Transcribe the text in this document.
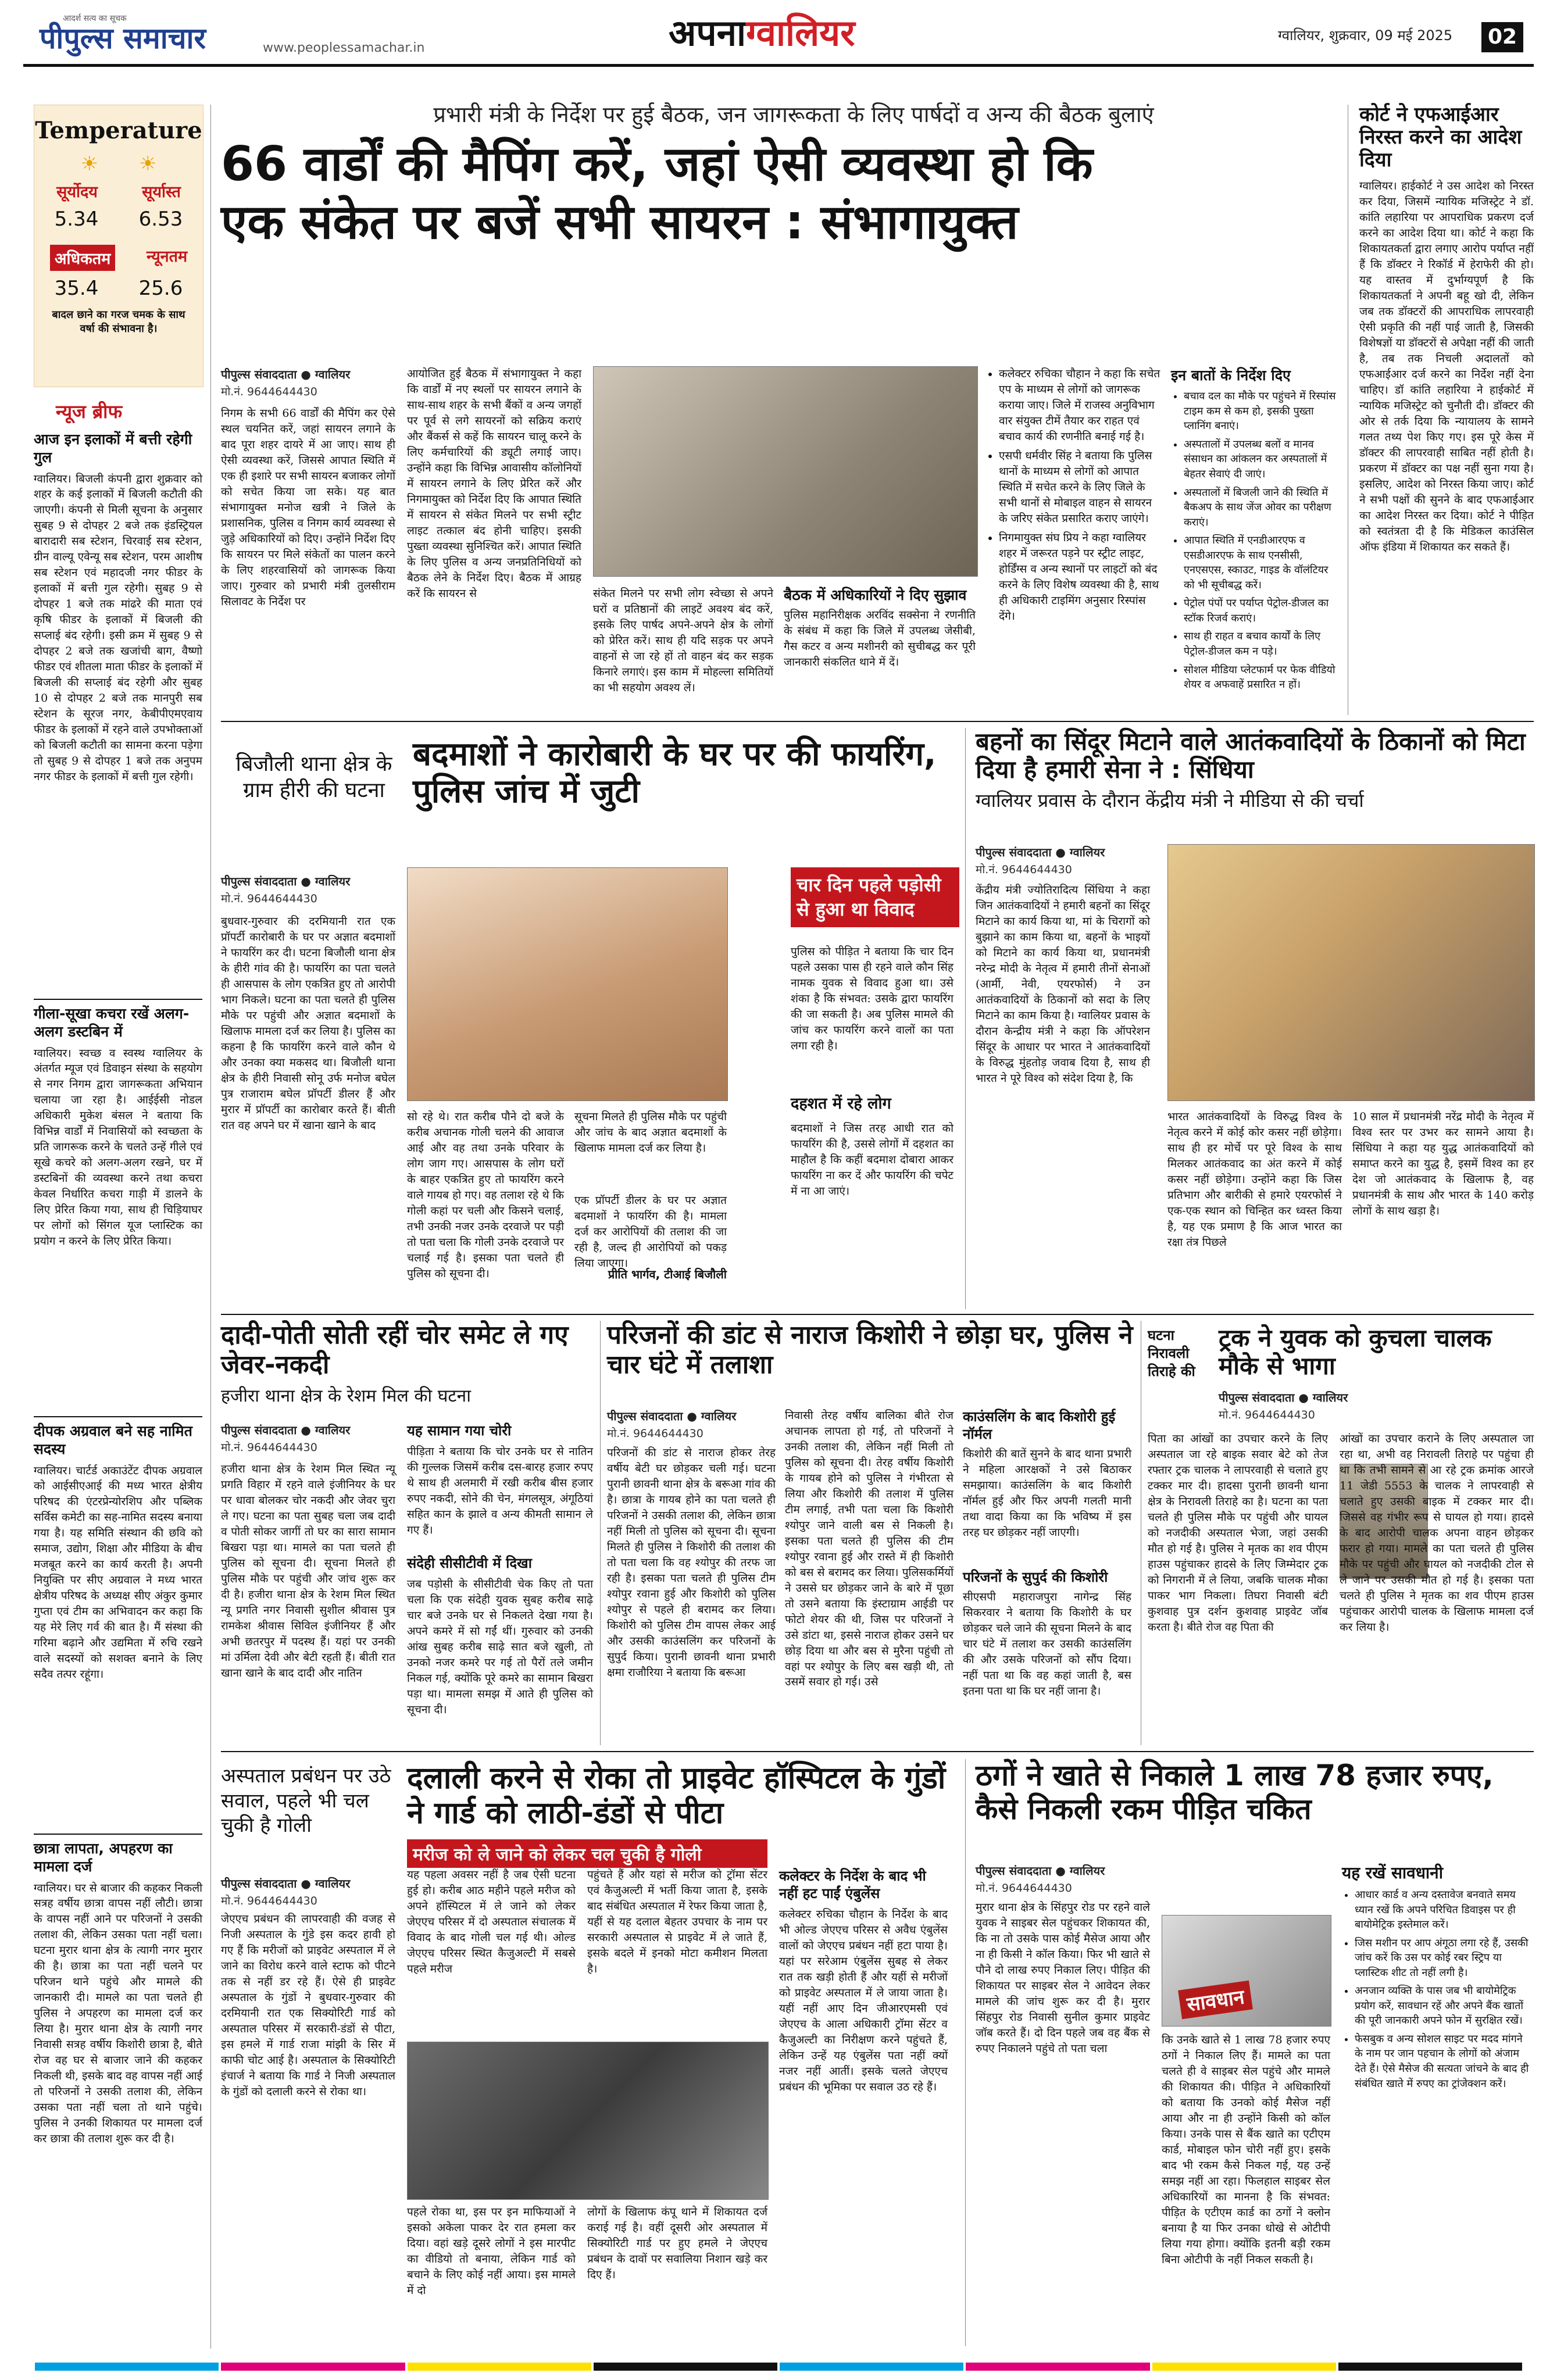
आदर्श सत्य का सूचक
पीपुल्स समाचार	www.peoplessamachar.in	अपनाग्वालियर	ग्वालियर, शुक्रवार, 09 मई 2025	02
Temperature
☀ ☀
सूर्योदय	सूर्यास्त
5.34 6.53
अधिकतम न्यूनतम
35.4 25.6
बादल छाने का गरज चमक के साथ वर्षा की संभावना है।
न्यूज ब्रीफ
आज इन इलाकों में बत्ती रहेगी गुल
ग्वालियर। बिजली कंपनी द्वारा शुक्रवार को शहर के कई इलाकों में बिजली कटौती की जाएगी। कंपनी से मिली सूचना के अनुसार सुबह 9 से दोपहर 2 बजे तक इंडस्ट्रियल बारादारी सब स्टेशन, चिरवाई सब स्टेशन, ग्रीन वाल्यू एवेन्यू सब स्टेशन, परम आशीष सब स्टेशन एवं महादजी नगर फीडर के इलाकों में बत्ती गुल रहेगी। सुबह 9 से दोपहर 1 बजे तक मांढरे की माता एवं कृषि फीडर के इलाकों में बिजली की सप्लाई बंद रहेगी। इसी क्रम में सुबह 9 से दोपहर 2 बजे तक खजांची बाग, वैष्णो फीडर एवं शीतला माता फीडर के इलाकों में बिजली की सप्लाई बंद रहेगी और सुबह 10 से दोपहर 2 बजे तक मानपुरी सब स्टेशन के सूरज नगर, केबीपीएमएवाय फीडर के इलाकों में रहने वाले उपभोक्ताओं को बिजली कटौती का सामना करना पड़ेगा तो सुबह 9 से दोपहर 1 बजे तक अनुपम नगर फीडर के इलाकों में बत्ती गुल रहेगी।
गीला-सूखा कचरा रखें अलग-अलग डस्टबिन में
ग्वालियर। स्वच्छ व स्वस्थ ग्वालियर के अंतर्गत म्यूज एवं डिवाइन संस्था के सहयोग से नगर निगम द्वारा जागरूकता अभियान चलाया जा रहा है। आईईसी नोडल अधिकारी मुकेश बंसल ने बताया कि विभिन्न वार्डों में निवासियों को स्वच्छता के प्रति जागरूक करने के चलते उन्हें गीले एवं सूखे कचरे को अलग-अलग रखने, घर में डस्टबिनों की व्यवस्था करने तथा कचरा केवल निर्धारित कचरा गाड़ी में डालने के लिए प्रेरित किया गया, साथ ही चिड़ियाघर पर लोगों को सिंगल यूज प्लास्टिक का प्रयोग न करने के लिए प्रेरित किया।
दीपक अग्रवाल बने सह नामित सदस्य
ग्वालियर। चार्टर्ड अकाउंटेंट दीपक अग्रवाल को आईसीएआई की मध्य भारत क्षेत्रीय परिषद की एंटरप्रेन्योरशिप और पब्लिक सर्विस कमेटी का सह-नामित सदस्य बनाया गया है। यह समिति संस्थान की छवि को समाज, उद्योग, शिक्षा और मीडिया के बीच मजबूत करने का कार्य करती है। अपनी नियुक्ति पर सीए अग्रवाल ने मध्य भारत क्षेत्रीय परिषद के अध्यक्ष सीए अंकुर कुमार गुप्ता एवं टीम का अभिवादन कर कहा कि यह मेरे लिए गर्व की बात है। मैं संस्था की गरिमा बढ़ाने और उद्यमिता में रुचि रखने वाले सदस्यों को सशक्त बनाने के लिए सदैव तत्पर रहूंगा।
छात्रा लापता, अपहरण का मामला दर्ज
ग्वालियर। घर से बाजार की कहकर निकली सत्रह वर्षीय छात्रा वापस नहीं लौटी। छात्रा के वापस नहीं आने पर परिजनों ने उसकी तलाश की, लेकिन उसका पता नहीं चला। घटना मुरार थाना क्षेत्र के त्यागी नगर मुरार की है। छात्रा का पता नहीं चलने पर परिजन थाने पहुंचे और मामले की जानकारी दी। मामले का पता चलते ही पुलिस ने अपहरण का मामला दर्ज कर लिया है। मुरार थाना क्षेत्र के त्यागी नगर निवासी सत्रह वर्षीय किशोरी छात्रा है, बीते रोज वह घर से बाजार जाने की कहकर निकली थी, इसके बाद वह वापस नहीं आई तो परिजनों ने उसकी तलाश की, लेकिन उसका पता नहीं चला तो थाने पहुंचे। पुलिस ने उनकी शिकायत पर मामला दर्ज कर छात्रा की तलाश शुरू कर दी है।
प्रभारी मंत्री के निर्देश पर हुई बैठक, जन जागरूकता के लिए पार्षदों व अन्य की बैठक बुलाएं
66 वार्डों की मैपिंग करें, जहां ऐसी व्यवस्था हो कि
एक संकेत पर बजें सभी सायरन : संभागायुक्त
पीपुल्स संवाददाता ● ग्वालियर
मो.नं. 9644644430
निगम के सभी 66 वार्डों की मैपिंग कर ऐसे स्थल चयनित करें, जहां सायरन लगाने के बाद पूरा शहर दायरे में आ जाए। साथ ही ऐसी व्यवस्था करें, जिससे आपात स्थिति में एक ही इशारे पर सभी सायरन बजाकर लोगों को सचेत किया जा सके। यह बात संभागायुक्त मनोज खत्री ने जिले के प्रशासनिक, पुलिस व निगम कार्य व्यवस्था से जुड़े अधिकारियों को दिए। उन्होंने निर्देश दिए कि सायरन पर मिले संकेतों का पालन करने के लिए शहरवासियों को जागरूक किया जाए। गुरुवार को प्रभारी मंत्री तुलसीराम सिलावट के निर्देश पर
आयोजित हुई बैठक में संभागायुक्त ने कहा कि वार्डों में नए स्थलों पर सायरन लगाने के साथ-साथ शहर के सभी बैंकों व अन्य जगहों पर पूर्व से लगे सायरनों को सक्रिय कराएं और बैंकर्स से कहें कि सायरन चालू करने के लिए कर्मचारियों की ड्यूटी लगाई जाए। उन्होंने कहा कि विभिन्न आवासीय कॉलोनियों में सायरन लगाने के लिए प्रेरित करें और निगमायुक्त को निर्देश दिए कि आपात स्थिति में सायरन से संकेत मिलने पर सभी स्ट्रीट लाइट तत्काल बंद होनी चाहिए। इसकी पुख्ता व्यवस्था सुनिश्चित करें। आपात स्थिति के लिए पुलिस व अन्य जनप्रतिनिधियों को बैठक लेने के निर्देश दिए। बैठक में आग्रह करें कि सायरन से	संकेत मिलने पर सभी लोग स्वेच्छा से अपने घरों व प्रतिष्ठानों की लाइटें अवश्य बंद करें, इसके लिए पार्षद अपने-अपने क्षेत्र के लोगों को प्रेरित करें। साथ ही यदि सड़क पर अपने वाहनों से जा रहे हों तो वाहन बंद कर सड़क किनारे लगाएं। इस काम में मोहल्ला समितियों का भी सहयोग अवश्य लें।
बैठक में अधिकारियों ने दिए सुझाव
पुलिस महानिरीक्षक अरविंद सक्सेना ने रणनीति के संबंध में कहा कि जिले में उपलब्ध जेसीबी, गैस कटर व अन्य मशीनरी को सुचीबद्ध कर पूरी जानकारी संकलित थाने में दें।
• कलेक्टर रुचिका चौहान ने कहा कि सचेत एप के माध्यम से लोगों को जागरूक कराया जाए। जिले में राजस्व अनुविभाग वार संयुक्त टीमें तैयार कर राहत एवं बचाव कार्य की रणनीति बनाई गई है।
• एसपी धर्मवीर सिंह ने बताया कि पुलिस थानों के माध्यम से लोगों को आपात स्थिति में सचेत करने के लिए जिले के सभी थानों से मोबाइल वाहन से सायरन के जरिए संकेत प्रसारित कराए जाएंगे।
• निगमायुक्त संघ प्रिय ने कहा ग्वालियर शहर में जरूरत पड़ने पर स्ट्रीट लाइट, होर्डिंग्स व अन्य स्थानों पर लाइटों को बंद करने के लिए विशेष व्यवस्था की है, साथ ही अधिकारी टाइमिंग अनुसार रिस्पांस देंगे।
इन बातों के निर्देश दिए
• बचाव दल का मौके पर पहुंचने में रिस्पांस टाइम कम से कम हो, इसकी पुख्ता प्लानिंग बनाएं।
• अस्पतालों में उपलब्ध बलों व मानव संसाधन का आंकलन कर अस्पतालों में बेहतर सेवाएं दी जाएं।
• अस्पतालों में बिजली जाने की स्थिति में बैकअप के साथ जेंज ओवर का परीक्षण कराएं।
• आपात स्थिति में एनडीआरएफ व एसडीआरएफ के साथ एनसीसी, एनएसएस, स्काउट, गाइड के वॉलंटियर को भी सूचीबद्ध करें।
• पेट्रोल पंपों पर पर्याप्त पेट्रोल-डीजल का स्टॉक रिजर्व कराएं।
• साथ ही राहत व बचाव कार्यों के लिए पेट्रोल-डीजल कम न पड़े।
• सोशल मीडिया प्लेटफार्म पर फेक वीडियो शेयर व अफवाहें प्रसारित न हों।
कोर्ट ने एफआईआर निरस्त करने का आदेश दिया
ग्वालियर। हाईकोर्ट ने उस आदेश को निरस्त कर दिया, जिसमें न्यायिक मजिस्ट्रेट ने डॉ. कांति लहारिया पर आपराधिक प्रकरण दर्ज करने का आदेश दिया था। कोर्ट ने कहा कि शिकायतकर्ता द्वारा लगाए आरोप पर्याप्त नहीं हैं कि डॉक्टर ने रिकॉर्ड में हेराफेरी की हो। यह वास्तव में दुर्भाग्यपूर्ण है कि शिकायतकर्ता ने अपनी बहू खो दी, लेकिन जब तक डॉक्टरों की आपराधिक लापरवाही ऐसी प्रकृति की नहीं पाई जाती है, जिसकी विशेषज्ञों या डॉक्टरों से अपेक्षा नहीं की जाती है, तब तक निचली अदालतों को एफआईआर दर्ज करने का निर्देश नहीं देना चाहिए। डॉ कांति लहारिया ने हाईकोर्ट में न्यायिक मजिस्ट्रेट को चुनौती दी। डॉक्टर की ओर से तर्क दिया कि न्यायालय के सामने गलत तथ्य पेश किए गए। इस पूरे केस में डॉक्टर की लापरवाही साबित नहीं होती है। प्रकरण में डॉक्टर का पक्ष नहीं सुना गया है। इसलिए, आदेश को निरस्त किया जाए। कोर्ट ने सभी पक्षों की सुनने के बाद एफआईआर का आदेश निरस्त कर दिया। कोर्ट ने पीड़ित को स्वतंत्रता दी है कि मेडिकल काउंसिल ऑफ इंडिया में शिकायत कर सकते हैं।
बिजौली थाना क्षेत्र के ग्राम हीरी की घटना
बदमाशों ने कारोबारी के घर पर की फायरिंग, पुलिस जांच में जुटी
पीपुल्स संवाददाता ● ग्वालियर
मो.नं. 9644644430
बुधवार-गुरुवार की दरमियानी रात एक प्रॉपर्टी कारोबारी के घर पर अज्ञात बदमाशों ने फायरिंग कर दी। घटना बिजौली थाना क्षेत्र के हीरी गांव की है। फायरिंग का पता चलते ही आसपास के लोग एकत्रित हुए तो आरोपी भाग निकले। घटना का पता चलते ही पुलिस मौके पर पहुंची और अज्ञात बदमाशों के खिलाफ मामला दर्ज कर लिया है। पुलिस का कहना है कि फायरिंग करने वाले कौन थे और उनका क्या मकसद था। बिजौली थाना क्षेत्र के हीरी निवासी सोनू उर्फ मनोज बघेल पुत्र राजाराम बघेल प्रॉपर्टी डीलर हैं और मुरार में प्रॉपर्टी का कारोबार करते हैं। बीती रात वह अपने घर में खाना खाने के बाद
सो रहे थे। रात करीब पौने दो बजे के करीब अचानक गोली चलने की आवाज आई और वह तथा उनके परिवार के लोग जाग गए। आसपास के लोग घरों के बाहर एकत्रित हुए तो फायरिंग करने वाले गायब हो गए। वह तलाश रहे थे कि गोली कहां पर चली और किसने चलाई, तभी उनकी नजर उनके दरवाजे पर पड़ी तो पता चला कि गोली उनके दरवाजे पर चलाई गई है। इसका पता चलते ही पुलिस को सूचना दी।
सूचना मिलते ही पुलिस मौके पर पहुंची और जांच के बाद अज्ञात बदमाशों के खिलाफ मामला दर्ज कर लिया है।
एक प्रॉपर्टी डीलर के घर पर अज्ञात बदमाशों ने फायरिंग की है। मामला दर्ज कर आरोपियों की तलाश की जा रही है, जल्द ही आरोपियों को पकड़ लिया जाएगा।
प्रीति भार्गव, टीआई बिजौली
चार दिन पहले पड़ोसी से हुआ था विवाद
पुलिस को पीड़ित ने बताया कि चार दिन पहले उसका पास ही रहने वाले कौन सिंह नामक युवक से विवाद हुआ था। उसे शंका है कि संभवत: उसके द्वारा फायरिंग की जा सकती है। अब पुलिस मामले की जांच कर फायरिंग करने वालों का पता लगा रही है।
दहशत में रहे लोग
बदमाशों ने जिस तरह आधी रात को फायरिंग की है, उससे लोगों में दहशत का माहौल है कि कहीं बदमाश दोबारा आकर फायरिंग ना कर दें और फायरिंग की चपेट में ना आ जाएं।
बहनों का सिंदूर मिटाने वाले आतंकवादियों के ठिकानों को मिटा दिया है हमारी सेना ने : सिंधिया
ग्वालियर प्रवास के दौरान केंद्रीय मंत्री ने मीडिया से की चर्चा
पीपुल्स संवाददाता ● ग्वालियर
मो.नं. 9644644430
केंद्रीय मंत्री ज्योतिरादित्य सिंधिया ने कहा जिन आतंकवादियों ने हमारी बहनों का सिंदूर मिटाने का कार्य किया था, मां के चिरागों को बुझाने का काम किया था, बहनों के भाइयों को मिटाने का कार्य किया था, प्रधानमंत्री नरेन्द्र मोदी के नेतृत्व में हमारी तीनों सेनाओं (आर्मी, नेवी, एयरफोर्स) ने उन आतंकवादियों के ठिकानों को सदा के लिए मिटाने का काम किया है। ग्वालियर प्रवास के दौरान केन्द्रीय मंत्री ने कहा कि ऑपरेशन सिंदूर के आधार पर भारत ने आतंकवादियों के विरुद्ध मुंहतोड़ जवाब दिया है, साथ ही भारत ने पूरे विश्व को संदेश दिया है, कि
भारत आतंकवादियों के विरुद्ध विश्व के नेतृत्व करने में कोई कोर कसर नहीं छोड़ेगा। साथ ही हर मोर्चे पर पूरे विश्व के साथ मिलकर आतंकवाद का अंत करने में कोई कसर नहीं छोड़ेगा। उन्होंने कहा कि जिस प्रतिभाग और बारीकी से हमारे एयरफोर्स ने एक-एक स्थान को चिन्हित कर ध्वस्त किया है, यह एक प्रमाण है कि आज भारत का रक्षा तंत्र पिछले
10 साल में प्रधानमंत्री नरेंद्र मोदी के नेतृत्व में विश्व स्तर पर उभर कर सामने आया है। सिंधिया ने कहा यह युद्ध आतंकवादियों को समाप्त करने का युद्ध है, इसमें विश्व का हर देश जो आतंकवाद के खिलाफ है, वह प्रधानमंत्री के साथ और भारत के 140 करोड़ लोगों के साथ खड़ा है।
दादी-पोती सोती रहीं चोर समेट ले गए जेवर-नकदी
हजीरा थाना क्षेत्र के रेशम मिल की घटना
पीपुल्स संवाददाता ● ग्वालियर
मो.नं. 9644644430
हजीरा थाना क्षेत्र के रेशम मिल स्थित न्यू प्रगति विहार में रहने वाले इंजीनियर के घर पर धावा बोलकर चोर नकदी और जेवर चुरा ले गए। घटना का पता सुबह चला जब दादी व पोती सोकर जागीं तो घर का सारा सामान बिखरा पड़ा था। मामले का पता चलते ही पुलिस को सूचना दी। सूचना मिलते ही पुलिस मौके पर पहुंची और जांच शुरू कर दी है। हजीरा थाना क्षेत्र के रेशम मिल स्थित न्यू प्रगति नगर निवासी सुशील श्रीवास पुत्र रामकेश श्रीवास सिविल इंजीनियर हैं और अभी छतरपुर में पदस्थ हैं। यहां पर उनकी मां उर्मिला देवी और बेटी रहती हैं। बीती रात खाना खाने के बाद दादी और नातिन
यह सामान गया चोरी
पीड़िता ने बताया कि चोर उनके घर से नातिन की गुल्लक जिसमें करीब दस-बारह हजार रुपए थे साथ ही अलमारी में रखी करीब बीस हजार रुपए नकदी, सोने की चेन, मंगलसूत्र, अंगूठियां सहित कान के झाले व अन्य कीमती सामान ले गए हैं।
संदेही सीसीटीवी में दिखा
जब पड़ोसी के सीसीटीवी चेक किए तो पता चला कि एक संदेही युवक सुबह करीब साढ़े चार बजे उनके घर से निकलते देखा गया है। अपने कमरे में सो गईं थीं। गुरुवार को उनकी आंख सुबह करीब साढ़े सात बजे खुली, तो उनको नजर कमरे पर गई तो पैरों तले जमीन निकल गई, क्योंकि पूरे कमरे का सामान बिखरा पड़ा था। मामला समझ में आते ही पुलिस को सूचना दी।
परिजनों की डांट से नाराज किशोरी ने छोड़ा घर, पुलिस ने चार घंटे में तलाशा
पीपुल्स संवाददाता ● ग्वालियर
मो.नं. 9644644430
परिजनों की डांट से नाराज होकर तेरह वर्षीय बेटी घर छोड़कर चली गई। घटना पुरानी छावनी थाना क्षेत्र के बरूआ गांव की है। छात्रा के गायब होने का पता चलते ही परिजनों ने उसकी तलाश की, लेकिन छात्रा नहीं मिली तो पुलिस को सूचना दी। सूचना मिलते ही पुलिस ने किशोरी की तलाश की तो पता चला कि वह श्योपुर की तरफ जा रही है। इसका पता चलते ही पुलिस टीम श्योपुर रवाना हुई और किशोरी को पुलिस श्योपुर से पहले ही बरामद कर लिया। किशोरी को पुलिस टीम वापस लेकर आई और उसकी काउंसलिंग कर परिजनों के सुपुर्द किया। पुरानी छावनी थाना प्रभारी क्षमा राजौरिया ने बताया कि बरूआ
निवासी तेरह वर्षीय बालिका बीते रोज अचानक लापता हो गई, तो परिजनों ने उनकी तलाश की, लेकिन नहीं मिली तो पुलिस को सूचना दी। तेरह वर्षीय किशोरी के गायब होने को पुलिस ने गंभीरता से लिया और किशोरी की तलाश में पुलिस टीम लगाई, तभी पता चला कि किशोरी श्योपुर जाने वाली बस से निकली है। इसका पता चलते ही पुलिस की टीम श्योपुर रवाना हुई और रास्ते में ही किशोरी को बस से बरामद कर लिया। पुलिसकर्मियों ने उससे घर छोड़कर जाने के बारे में पूछा तो उसने बताया कि इंस्टाग्राम आईडी पर फोटो शेयर की थी, जिस पर परिजनों ने उसे डांटा था, इससे नाराज होकर उसने घर छोड़ दिया था और बस से मुरैना पहुंची तो वहां पर श्योपुर के लिए बस खड़ी थी, तो उसमें सवार हो गई। उसे
काउंसलिंग के बाद किशोरी हुई नॉर्मल
किशोरी की बातें सुनने के बाद थाना प्रभारी ने महिला आरक्षकों ने उसे बिठाकर समझाया। काउंसलिंग के बाद किशोरी नॉर्मल हुई और फिर अपनी गलती मानी तथा वादा किया का कि भविष्य में इस तरह घर छोड़कर नहीं जाएगी।
परिजनों के सुपुर्द की किशोरी
सीएसपी महाराजपुरा नागेन्द्र सिंह सिकरवार ने बताया कि किशोरी के घर छोड़कर चले जाने की सूचना मिलने के बाद चार घंटे में तलाश कर उसकी काउंसलिंग की और उसके परिजनों को सौंप दिया। नहीं पता था कि वह कहां जाती है, बस इतना पता था कि घर नहीं जाना है।
घटना निरावली तिराहे की
ट्रक ने युवक को कुचला चालक मौके से भागा
पीपुल्स संवाददाता ● ग्वालियर
मो.नं. 9644644430
पिता का आंखों का उपचार करने के लिए अस्पताल जा रहे बाइक सवार बेटे को तेज रफ्तार ट्रक चालक ने लापरवाही से चलाते हुए टक्कर मार दी। हादसा पुरानी छावनी थाना क्षेत्र के निरावली तिराहे का है। घटना का पता चलते ही पुलिस मौके पर पहुंची और घायल को नजदीकी अस्पताल भेजा, जहां उसकी मौत हो गई है। पुलिस ने मृतक का शव पीएम हाउस पहुंचाकर हादसे के लिए जिम्मेदार ट्रक को निगरानी में ले लिया, जबकि चालक मौका पाकर भाग निकला। तिघरा निवासी बंटी कुशवाह पुत्र दर्शन कुशवाह प्राइवेट जॉब करता है। बीते रोज वह पिता की
आंखों का उपचार कराने के लिए अस्पताल जा रहा था, अभी वह निरावली तिराहे पर पहुंचा ही था कि तभी सामने से आ रहे ट्रक क्रमांक आरजे 11 जेडी 5553 के चालक ने लापरवाही से चलाते हुए उसकी बाइक में टक्कर मार दी। जिससे वह गंभीर रूप से घायल हो गया। हादसे के बाद आरोपी चालक अपना वाहन छोड़कर फरार हो गया। मामले का पता चलते ही पुलिस मौके पर पहुंची और घायल को नजदीकी टोल से ले जाने पर उसकी मौत हो गई है। इसका पता चलते ही पुलिस ने मृतक का शव पीएम हाउस पहुंचाकर आरोपी चालक के खिलाफ मामला दर्ज कर लिया है।
अस्पताल प्रबंधन पर उठे सवाल, पहले भी चल चुकी है गोली
दलाली करने से रोका तो प्राइवेट हॉस्पिटल के गुंडों ने गार्ड को लाठी-डंडों से पीटा
मरीज को ले जाने को लेकर चल चुकी है गोली
पीपुल्स संवाददाता ● ग्वालियर
मो.नं. 9644644430
जेएएच प्रबंधन की लापरवाही की वजह से निजी अस्पताल के गुंडे इस कदर हावी हो गए हैं कि मरीजों को प्राइवेट अस्पताल में ले जाने का विरोध करने वाले स्टाफ को पीटने तक से नहीं डर रहे हैं। ऐसे ही प्राइवेट अस्पताल के गुंडों ने बुधवार-गुरुवार की दरमियानी रात एक सिक्योरिटी गार्ड को अस्पताल परिसर में सरकारी-डंडों से पीटा, इस हमले में गार्ड राजा मांझी के सिर में काफी चोट आई है। अस्पताल के सिक्योरिटी इंचार्ज ने बताया कि गार्ड ने निजी अस्पताल के गुंडों को दलाली करने से रोका था।
यह पहला अवसर नहीं है जब ऐसी घटना हुई हो। करीब आठ महीने पहले मरीज को अपने हॉस्पिटल में ले जाने को लेकर जेएएच परिसर में दो अस्पताल संचालक में विवाद के बाद गोली चल गई थी। ओल्ड जेएएच परिसर स्थित कैजुअल्टी में सबसे पहले मरीज
पहले रोका था, इस पर इन माफियाओं ने इसको अकेला पाकर देर रात हमला कर दिया। वहां खड़े दूसरे लोगों ने इस मारपीट का वीडियो तो बनाया, लेकिन गार्ड को बचाने के लिए कोई नहीं आया। इस मामले में दो
पहुंचते हैं और यहां से मरीज को ट्रॉमा सेंटर एवं कैजुअल्टी में भर्ती किया जाता है, इसके बाद संबंधित अस्पताल में रेफर किया जाता है, यहीं से यह दलाल बेहतर उपचार के नाम पर सरकारी अस्पताल से प्राइवेट में ले जाते हैं, इसके बदले में इनको मोटा कमीशन मिलता है।
लोगों के खिलाफ कंपू थाने में शिकायत दर्ज कराई गई है। वहीं दूसरी ओर अस्पताल में सिक्योरिटी गार्ड पर हुए हमले ने जेएएच प्रबंधन के दावों पर सवालिया निशान खड़े कर दिए हैं।
कलेक्टर के निर्देश के बाद भी नहीं हट पाईं एंबुलेंस
कलेक्टर रुचिका चौहान के निर्देश के बाद भी ओल्ड जेएएच परिसर से अवैध एंबुलेंस वालों को जेएएच प्रबंधन नहीं हटा पाया है। यहां पर सरेआम एंबुलेंस सुबह से लेकर रात तक खड़ी होती हैं और यहीं से मरीजों को प्राइवेट अस्पताल में ले जाया जाता है। यहीं नहीं आए दिन जीआरएमसी एवं जेएएच के आला अधिकारी ट्रॉमा सेंटर व कैजुअल्टी का निरीक्षण करने पहुंचते हैं, लेकिन उन्हें यह एंबुलेंस पता नहीं क्यों नजर नहीं आतीं। इसके चलते जेएएच प्रबंधन की भूमिका पर सवाल उठ रहे हैं।
ठगों ने खाते से निकाले 1 लाख 78 हजार रुपए, कैसे निकली रकम पीड़ित चकित
पीपुल्स संवाददाता ● ग्वालियर
मो.नं. 9644644430
मुरार थाना क्षेत्र के सिंहपुर रोड पर रहने वाले युवक ने साइबर सेल पहुंचकर शिकायत की, कि ना तो उसके पास कोई मैसेज आया और ना ही किसी ने कॉल किया। फिर भी खाते से पौने दो लाख रुपए निकाल लिए। पीड़ित की शिकायत पर साइबर सेल ने आवेदन लेकर मामले की जांच शुरू कर दी है। मुरार सिंहपुर रोड निवासी सुनील कुमार प्राइवेट जॉब करते हैं। दो दिन पहले जब वह बैंक से रुपए निकालने पहुंचे तो पता चला
सावधान
कि उनके खाते से 1 लाख 78 हजार रुपए ठगों ने निकाल लिए हैं। मामले का पता चलते ही वे साइबर सेल पहुंचे और मामले की शिकायत की। पीड़ित ने अधिकारियों को बताया कि उनको कोई मैसेज नहीं आया और ना ही उन्होंने किसी को कॉल किया। उनके पास से बैंक खाते का एटीएम कार्ड, मोबाइल फोन चोरी नहीं हुए। इसके बाद भी रकम कैसे निकल गई, यह उन्हें समझ नहीं आ रहा। फिलहाल साइबर सेल अधिकारियों का मानना है कि संभवत: पीड़ित के एटीएम कार्ड का ठगों ने क्लोन बनाया है या फिर उनका धोखे से ओटीपी लिया गया होगा। क्योंकि इतनी बड़ी रकम बिना ओटीपी के नहीं निकल सकती है।
यह रखें सावधानी
• आधार कार्ड व अन्य दस्तावेज बनवाते समय ध्यान रखें कि अपने परिचित डिवाइस पर ही बायोमेट्रिक इस्तेमाल करें।
• जिस मशीन पर आप अंगूठा लगा रहे हैं, उसकी जांच करें कि उस पर कोई रबर स्ट्रिप या प्लास्टिक शीट तो नहीं लगी है।
• अनजान व्यक्ति के पास जब भी बायोमेट्रिक प्रयोग करें, सावधान रहें और अपने बैंक खातों की पूरी जानकारी अपने फोन में सुरक्षित रखें।
• फेसबुक व अन्य सोशल साइट पर मदद मांगने के नाम पर जान पहचान के लोगों को अंजाम देते हैं। ऐसे मैसेज की सत्यता जांचने के बाद ही संबंधित खाते में रुपए का ट्रांजेक्शन करें।
